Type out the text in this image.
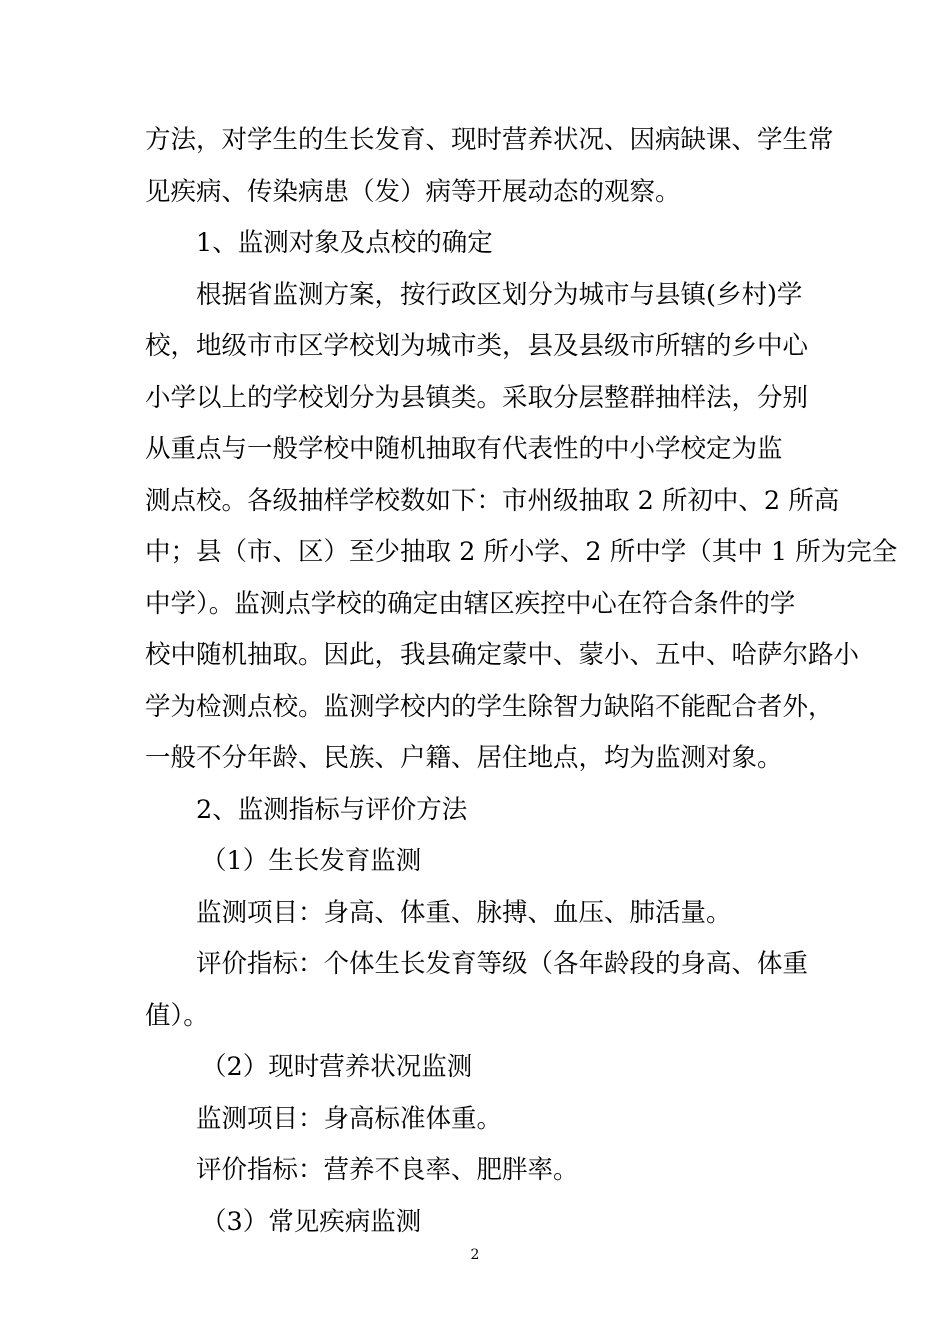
方法，对学生的生长发育、现时营养状况、因病缺课、学生常
见疾病、传染病患（发）病等开展动态的观察。
1、监测对象及点校的确定
根据省监测方案，按行政区划分为城市与县镇(乡村)学
校，地级市市区学校划为城市类，县及县级市所辖的乡中心
小学以上的学校划分为县镇类。采取分层整群抽样法，分别
从重点与一般学校中随机抽取有代表性的中小学校定为监
测点校。各级抽样学校数如下：市州级抽取 2 所初中、2 所高
中；县（市、区）至少抽取 2 所小学、2 所中学（其中 1 所为完全
中学）。监测点学校的确定由辖区疾控中心在符合条件的学
校中随机抽取。因此，我县确定蒙中、蒙小、五中、哈萨尔路小
学为检测点校。监测学校内的学生除智力缺陷不能配合者外，
一般不分年龄、民族、户籍、居住地点，均为监测对象。
2、监测指标与评价方法
（1）生长发育监测
监测项目：身高、体重、脉搏、血压、肺活量。
评价指标：个体生长发育等级（各年龄段的身高、体重
值）。
（2）现时营养状况监测
监测项目：身高标准体重。
评价指标：营养不良率、肥胖率。
（3）常见疾病监测
2
